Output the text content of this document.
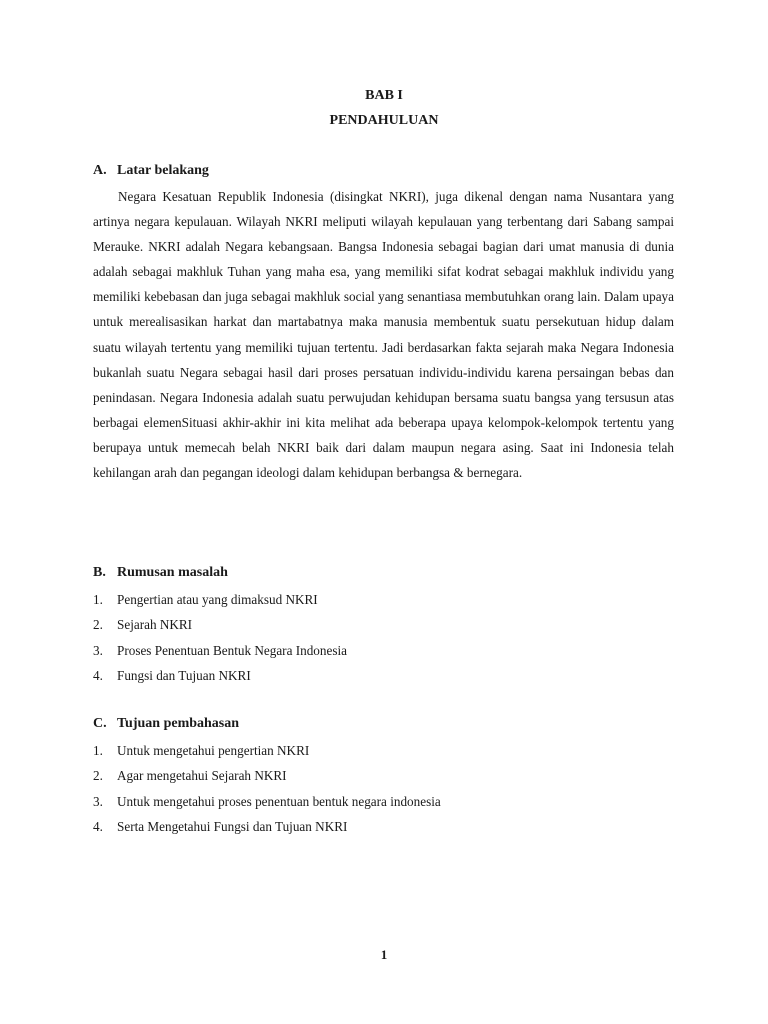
BAB I
PENDAHULUAN
A. Latar belakang

Negara Kesatuan Republik Indonesia (disingkat NKRI), juga dikenal dengan nama Nusantara yang artinya negara kepulauan. Wilayah NKRI meliputi wilayah kepulauan yang terbentang dari Sabang sampai Merauke. NKRI adalah Negara kebangsaan. Bangsa Indonesia sebagai bagian dari umat manusia di dunia adalah sebagai makhluk Tuhan yang maha esa, yang memiliki sifat kodrat sebagai makhluk individu yang memiliki kebebasan dan juga sebagai makhluk social yang senantiasa membutuhkan orang lain. Dalam upaya untuk merealisasikan harkat dan martabatnya maka manusia membentuk suatu persekutuan hidup dalam suatu wilayah tertentu yang memiliki tujuan tertentu. Jadi berdasarkan fakta sejarah maka Negara Indonesia bukanlah suatu Negara sebagai hasil dari proses persatuan individu-individu karena persaingan bebas dan penindasan. Negara Indonesia adalah suatu perwujudan kehidupan bersama suatu bangsa yang tersusun atas berbagai elemenSituasi akhir-akhir ini kita melihat ada beberapa upaya kelompok-kelompok tertentu yang berupaya untuk memecah belah NKRI baik dari dalam maupun negara asing. Saat ini Indonesia telah kehilangan arah dan pegangan ideologi dalam kehidupan berbangsa & bernegara.

B. Rumusan masalah
1. Pengertian atau yang dimaksud NKRI
2. Sejarah NKRI
3. Proses Penentuan Bentuk Negara Indonesia
4. Fungsi dan Tujuan NKRI
C. Tujuan pembahasan
1. Untuk mengetahui pengertian NKRI
2. Agar mengetahui Sejarah NKRI
3. Untuk mengetahui proses penentuan bentuk negara indonesia
4. Serta Mengetahui Fungsi dan Tujuan NKRI
1
